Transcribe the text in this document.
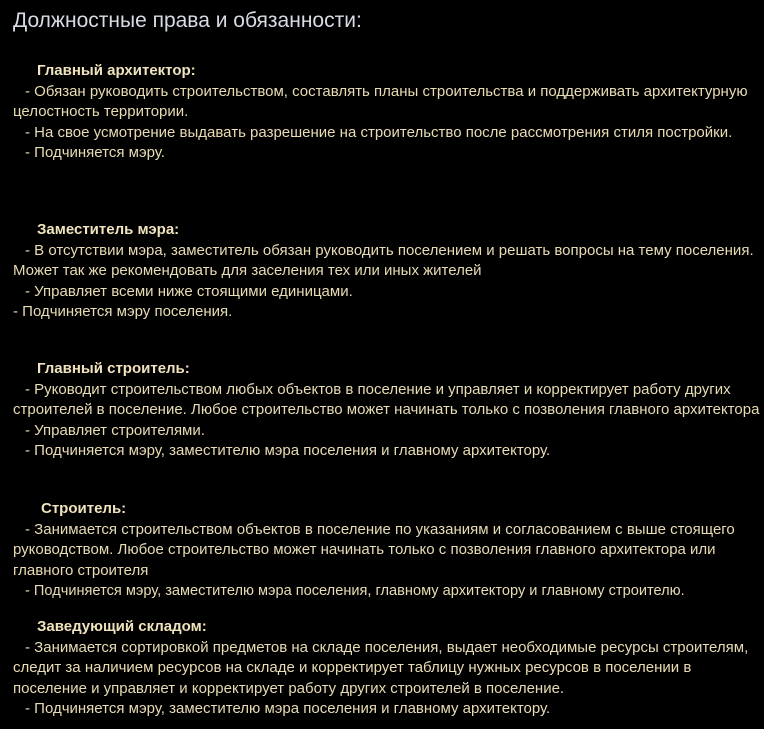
Должностные права и обязанности:
Главный архитектор:

- Обязан руководить строительством, составлять планы строительства и поддерживать архитектурную целостность территории.

- На свое усмотрение выдавать разрешение на строительство после рассмотрения стиля постройки.

- Подчиняется мэру.

Заместитель мэра:

- В отсутствии мэра, заместитель обязан руководить поселением и решать вопросы на тему поселения. Может так же рекомендовать для заселения тех или иных жителей

- Управляет всеми ниже стоящими единицами.

- Подчиняется мэру поселения.

Главный строитель:

- Руководит строительством любых объектов в поселение и управляет и корректирует работу других строителей в поселение. Любое строительство может начинать только с позволения главного архитектора

- Управляет строителями.

- Подчиняется мэру, заместителю мэра поселения и главному архитектору.

Строитель:

- Занимается строительством объектов в поселение по указаниям и согласованием с выше стоящего руководством. Любое строительство может начинать только с позволения главного архитектора или главного строителя

- Подчиняется мэру, заместителю мэра поселения, главному архитектору и главному строителю.

Заведующий складом:

- Занимается сортировкой предметов на складе поселения, выдает необходимые ресурсы строителям, следит за наличием ресурсов на складе и корректирует таблицу нужных ресурсов в поселении в поселение и управляет и корректирует работу других строителей в поселение.

- Подчиняется мэру, заместителю мэра поселения и главному архитектору.
